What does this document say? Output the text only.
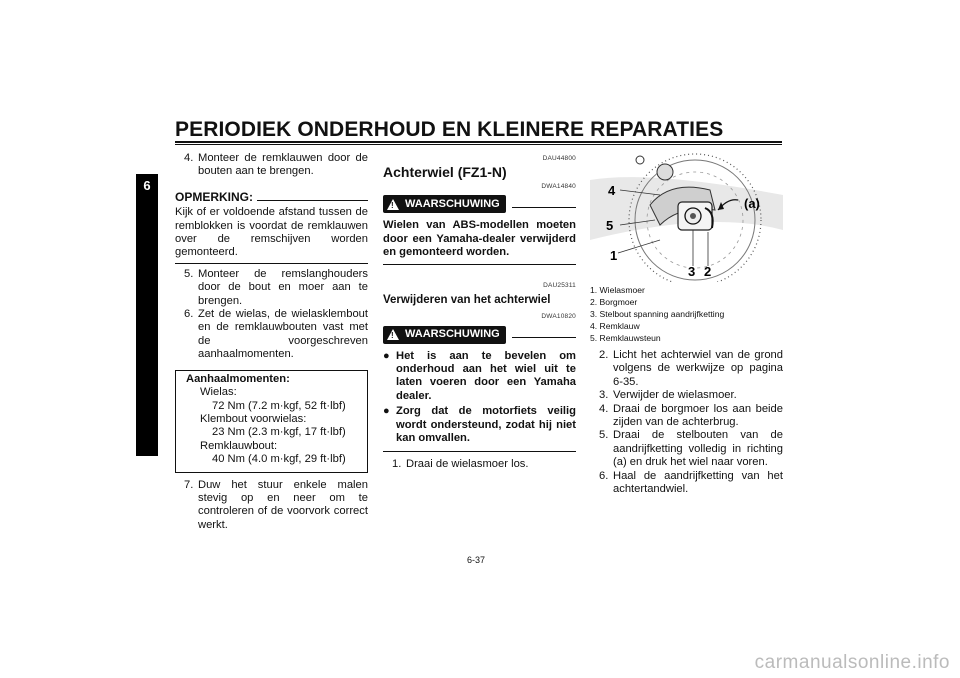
PERIODIEK ONDERHOUD EN KLEINERE REPARATIES
6

4. Monteer de remklauwen door de bouten aan te brengen.

OPMERKING:

Kijk of er voldoende afstand tussen de remblokken is voordat de remklauwen over de remschijven worden gemonteerd.

5. Monteer de remslanghouders door de bout en moer aan te brengen.

6. Zet de wielas, de wielasklembout en de remklauwbouten vast met de voorgeschreven aanhaalmomenten.

Aanhaalmomenten:
Wielas:
72 Nm (7.2 m·kgf, 52 ft·lbf)
Klembout voorwielas:
23 Nm (2.3 m·kgf, 17 ft·lbf)
Remklauwbout:
40 Nm (4.0 m·kgf, 29 ft·lbf)

7. Duw het stuur enkele malen stevig op en neer om te controleren of de voorvork correct werkt.

DAU44800
Achterwiel (FZ1-N)
DWA14840
! WAARSCHUWING

Wielen van ABS-modellen moeten door een Yamaha-dealer verwijderd en gemonteerd worden.

DAU25311
Verwijderen van het achterwiel
DWA10820
! WAARSCHUWING

● Het is aan te bevelen om onderhoud aan het wiel uit te laten voeren door een Yamaha dealer.

● Zorg dat de motorfiets veilig wordt ondersteund, zodat hij niet kan omvallen.

1. Draai de wielasmoer los.

(a)
4
5
1
3 2
1. Wielasmoer
2. Borgmoer
3. Stelbout spanning aandrijfketting
4. Remklauw
5. Remklauwsteun

2. Licht het achterwiel van de grond volgens de werkwijze op pagina 6-35.

3. Verwijder de wielasmoer.

4. Draai de borgmoer los aan beide zijden van de achterbrug.

5. Draai de stelbouten van de aandrijfketting volledig in richting (a) en druk het wiel naar voren.

6. Haal de aandrijfketting van het achtertandwiel.

6-37
carmanualsonline.info
